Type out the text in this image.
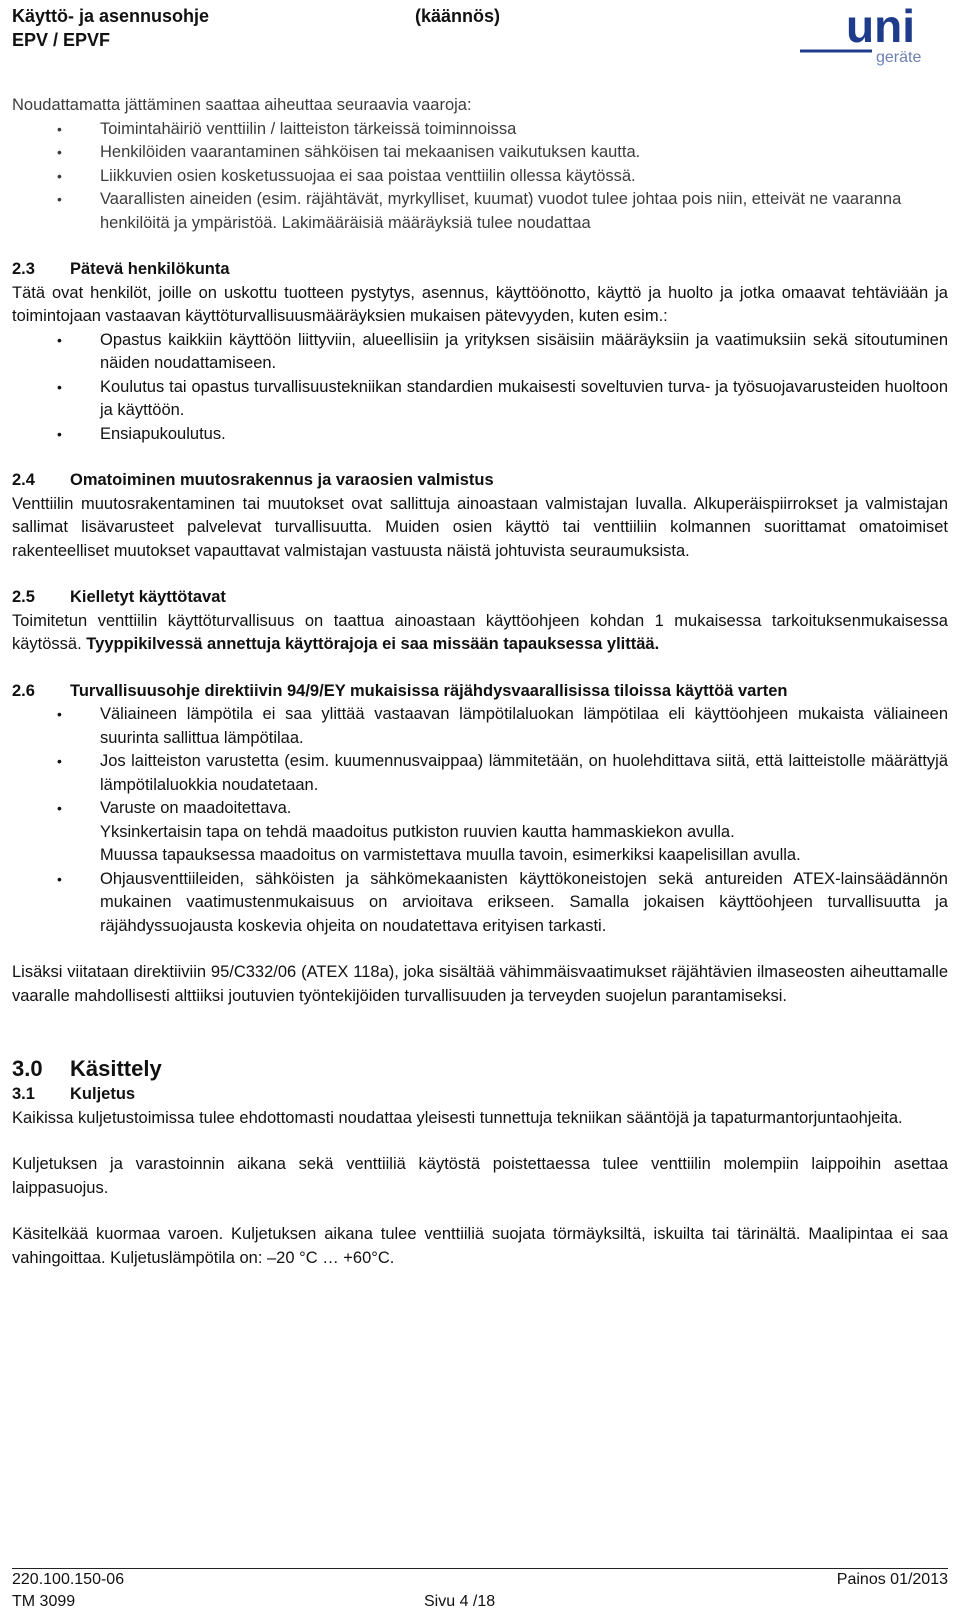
Käyttö- ja asennusohje
EPV / EPVF
(käännös)	uni
geräte

Noudattamatta jättäminen saattaa aiheuttaa seuraavia vaaroja:

• Toimintahäiriö venttiilin / laitteiston tärkeissä toiminnoissa
• Henkilöiden vaarantaminen sähköisen tai mekaanisen vaikutuksen kautta.
• Liikkuvien osien kosketussuojaa ei saa poistaa venttiilin ollessa käytössä.
• Vaarallisten aineiden (esim. räjähtävät, myrkylliset, kuumat) vuodot tulee johtaa pois niin, etteivät ne vaaranna henkilöitä ja ympäristöä. Lakimääräisiä määräyksiä tulee noudattaa
2.3	Pätevä henkilökunta

Tätä ovat henkilöt, joille on uskottu tuotteen pystytys, asennus, käyttöönotto, käyttö ja huolto ja jotka omaavat tehtäviään ja toimintojaan vastaavan käyttöturvallisuusmääräyksien mukaisen pätevyyden, kuten esim.:

• Opastus kaikkiin käyttöön liittyviin, alueellisiin ja yrityksen sisäisiin määräyksiin ja vaatimuksiin sekä sitoutuminen näiden noudattamiseen.
• Koulutus tai opastus turvallisuustekniikan standardien mukaisesti soveltuvien turva- ja työsuojavarusteiden huoltoon ja käyttöön.
• Ensiapukoulutus.
2.4	Omatoiminen muutosrakennus ja varaosien valmistus

Venttiilin muutosrakentaminen tai muutokset ovat sallittuja ainoastaan valmistajan luvalla. Alkuperäispiirrokset ja valmistajan sallimat lisävarusteet palvelevat turvallisuutta. Muiden osien käyttö tai venttiiliin kolmannen suorittamat omatoimiset rakenteelliset muutokset vapauttavat valmistajan vastuusta näistä johtuvista seuraumuksista.

2.5	Kielletyt käyttötavat

Toimitetun venttiilin käyttöturvallisuus on taattua ainoastaan käyttöohjeen kohdan 1 mukaisessa tarkoituksenmukaisessa käytössä. Tyyppikilvessä annettuja käyttörajoja ei saa missään tapauksessa ylittää.

2.6	Turvallisuusohje direktiivin 94/9/EY mukaisissa räjähdysvaarallisissa tiloissa käyttöä varten
• Väliaineen lämpötila ei saa ylittää vastaavan lämpötilaluokan lämpötilaa eli käyttöohjeen mukaista väliaineen suurinta sallittua lämpötilaa.
• Jos laitteiston varustetta (esim. kuumennusvaippaa) lämmitetään, on huolehdittava siitä, että laitteistolle määrättyjä lämpötilaluokkia noudatetaan.
• Varuste on maadoitettava.
Yksinkertaisin tapa on tehdä maadoitus putkiston ruuvien kautta hammaskiekon avulla.
Muussa tapauksessa maadoitus on varmistettava muulla tavoin, esimerkiksi kaapelisillan avulla.
• Ohjausventtiileiden, sähköisten ja sähkömekaanisten käyttökoneistojen sekä antureiden ATEX-lainsäädännön mukainen vaatimustenmukaisuus on arvioitava erikseen. Samalla jokaisen käyttöohjeen turvallisuutta ja räjähdyssuojausta koskevia ohjeita on noudatettava erityisen tarkasti.

Lisäksi viitataan direktiiviin 95/C332/06 (ATEX 118a), joka sisältää vähimmäisvaatimukset räjähtävien ilmaseosten aiheuttamalle vaaralle mahdollisesti alttiiksi joutuvien työntekijöiden turvallisuuden ja terveyden suojelun parantamiseksi.

3.0	Käsittely
3.1	Kuljetus

Kaikissa kuljetustoimissa tulee ehdottomasti noudattaa yleisesti tunnettuja tekniikan sääntöjä ja tapaturmantorjuntaohjeita.

Kuljetuksen ja varastoinnin aikana sekä venttiiliä käytöstä poistettaessa tulee venttiilin molempiin laippoihin asettaa laippasuojus.

Käsitelkää kuormaa varoen. Kuljetuksen aikana tulee venttiiliä suojata törmäyksiltä, iskuilta tai tärinältä. Maalipintaa ei saa vahingoittaa. Kuljetuslämpötila on: –20 °C … +60°C.

220.100.150-06
TM 3099	Sivu 4 /18
Painos 01/2013
